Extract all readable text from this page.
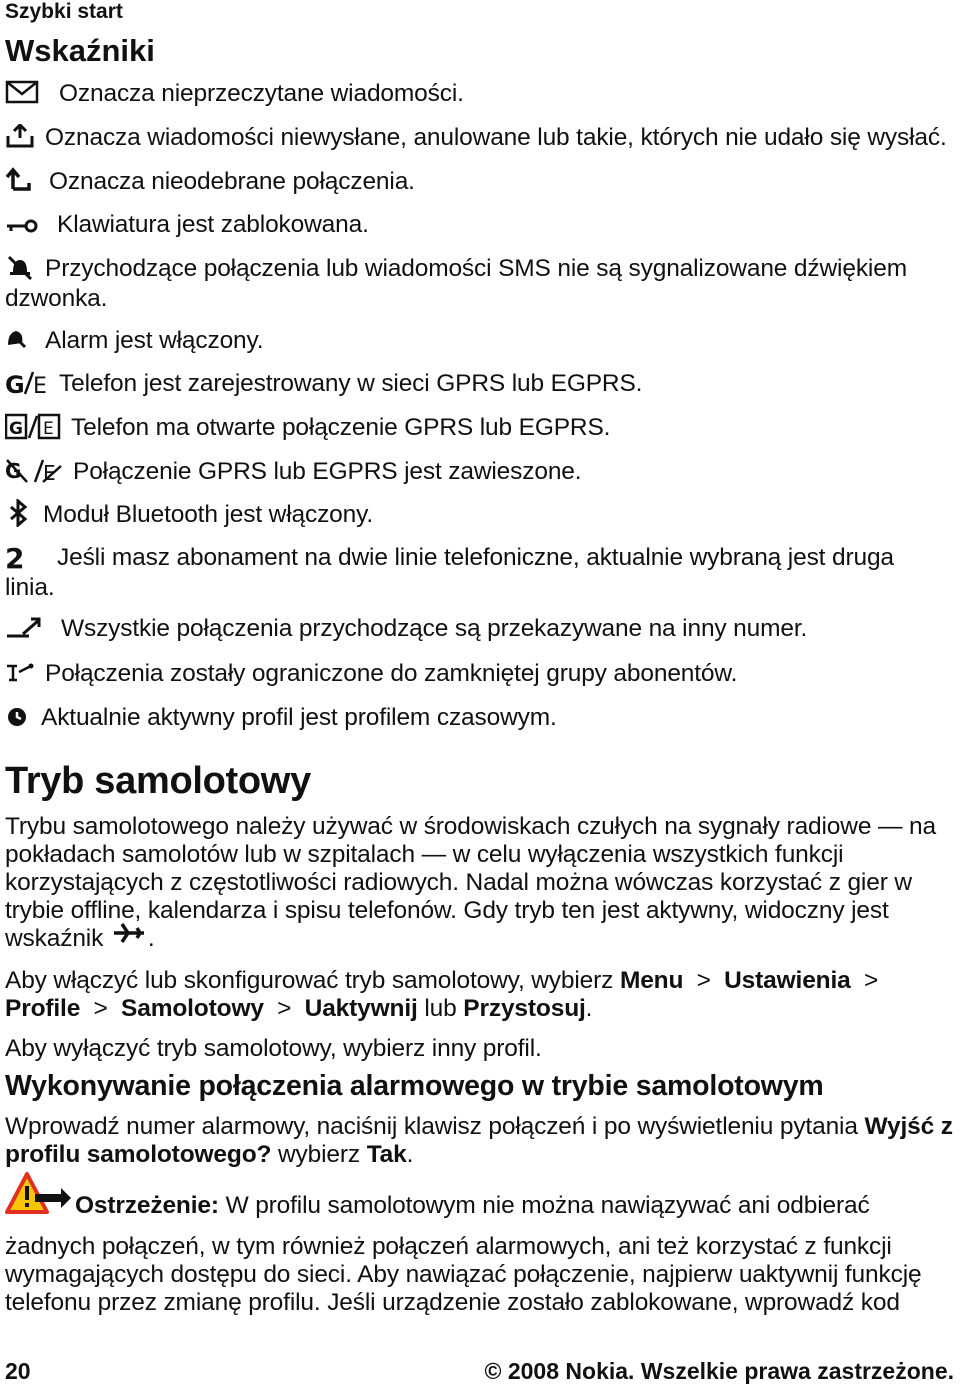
Szybki start
Wskaźniki
Oznacza nieprzeczytane wiadomości.
Oznacza wiadomości niewysłane, anulowane lub takie, których nie udało się wysłać.
Oznacza nieodebrane połączenia.
Klawiatura jest zablokowana.
Przychodzące połączenia lub wiadomości SMS nie są sygnalizowane dźwiękiem dzwonka.
Alarm jest włączony.
G E Telefon jest zarejestrowany w sieci GPRS lub EGPRS.
G E Telefon ma otwarte połączenie GPRS lub EGPRS.
G E Połączenie GPRS lub EGPRS jest zawieszone.
Moduł Bluetooth jest włączony.
2 Jeśli masz abonament na dwie linie telefoniczne, aktualnie wybraną jest druga linia.
Wszystkie połączenia przychodzące są przekazywane na inny numer.
Połączenia zostały ograniczone do zamkniętej grupy abonentów.
Aktualnie aktywny profil jest profilem czasowym.
Tryb samolotowy
Trybu samolotowego należy używać w środowiskach czułych na sygnały radiowe — na pokładach samolotów lub w szpitalach — w celu wyłączenia wszystkich funkcji korzystających z częstotliwości radiowych. Nadal można wówczas korzystać z gier w trybie offline, kalendarza i spisu telefonów. Gdy tryb ten jest aktywny, widoczny jest wskaźnik .
Aby włączyć lub skonfigurować tryb samolotowy, wybierz Menu > Ustawienia > Profile > Samolotowy > Uaktywnij lub Przystosuj.
Aby wyłączyć tryb samolotowy, wybierz inny profil.
Wykonywanie połączenia alarmowego w trybie samolotowym
Wprowadź numer alarmowy, naciśnij klawisz połączeń i po wyświetleniu pytania Wyjść z profilu samolotowego? wybierz Tak.
Ostrzeżenie: W profilu samolotowym nie można nawiązywać ani odbierać żadnych połączeń, w tym również połączeń alarmowych, ani też korzystać z funkcji wymagających dostępu do sieci. Aby nawiązać połączenie, najpierw uaktywnij funkcję telefonu przez zmianę profilu. Jeśli urządzenie zostało zablokowane, wprowadź kod
20	© 2008 Nokia. Wszelkie prawa zastrzeżone.
